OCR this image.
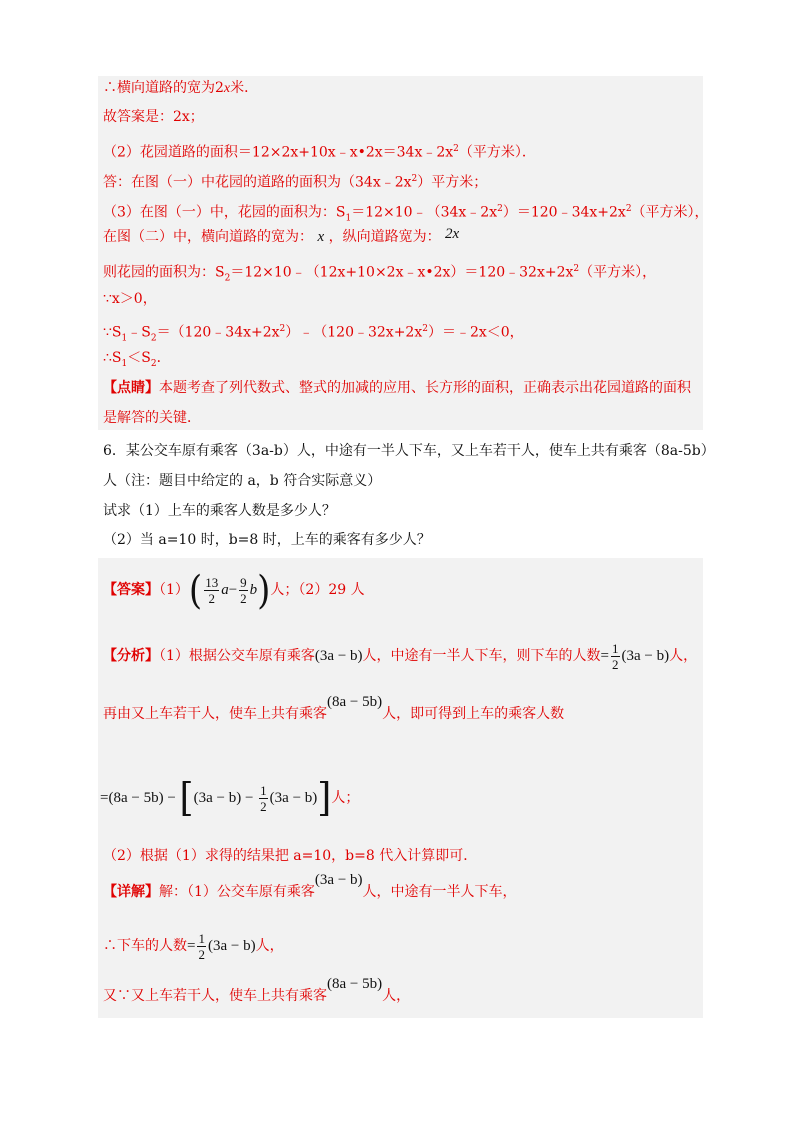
∴横向道路的宽为2x米．
故答案是：2x；
（2）花园道路的面积$=12\times 2x+10x﹣x•2x=34x﹣2x^2$（平方米）．
答：在图（一）中花园的道路的面积为$(34x﹣2x^2)$平方米；
（3）在图（一）中，花园的面积为：$S_1=12\times 10﹣(34x﹣2x^2)=120﹣34x+2x^2$（平方米），
在图（二）中，横向道路的宽为： x ，纵向道路宽为： 2x
则花园的面积为：$S_2=12\times 10﹣(12x+10\times 2x﹣x•2x)=120﹣32x+2x^2$（平方米），
∵x＞0，
$\because S_1﹣S_2=(120﹣34x+2x^2)﹣(120﹣32x+2x^2)=﹣2x<0$，
$\therefore S_1<S_2$．
【点睛】本题考查了列代数式、整式的加减的应用、长方形的面积，正确表示出花园道路的面积
是解答的关键．
6．某公交车原有乘客（3a-b）人，中途有一半人下车，又上车若干人，使车上共有乘客（8a-5b）
人（注：题目中给定的 a，b 符合实际意义）
试求（1）上车的乘客人数是多少人？
（2）当 a=10 时，b=8 时，上车的乘客有多少人？
【答案】$(1)( \frac{13}{2} a- \frac{9}{2} b)$人；（2）29 人
【分析】（1）根据公交车原有乘客(3a − b)人，中途有一半人下车，则下车的人数= $\frac{1}{2} (3a - b)$人，
再由又上车若干人，使车上共有乘客(8a − 5b)人，即可得到上车的乘客人数
$=(8a - 5b) - [(3a - b) - \frac{1}{2} (3a - b)]$人；
（2）根据（1）求得的结果把 a=10，b=8 代入计算即可．
【详解】解：（1）公交车原有乘客(3a − b)人，中途有一半人下车，
∴下车的人数= $\frac{1}{2} (3a - b)$人，
又∵又上车若干人，使车上共有乘客(8a − 5b)人，
